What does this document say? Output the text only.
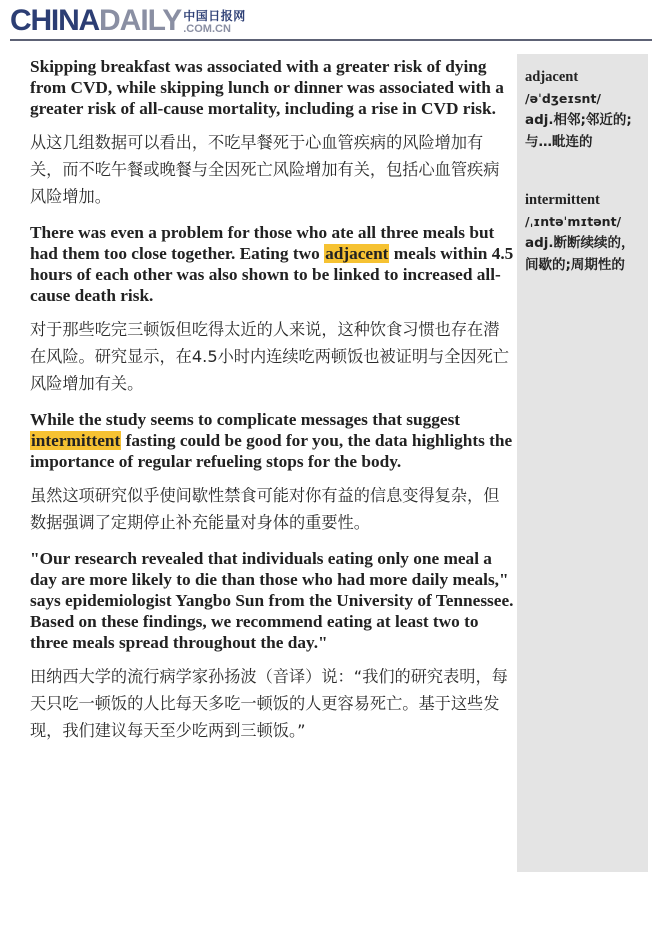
CHINA DAILY 中国日报网
.COM.CN

Skipping breakfast was associated with a greater risk of dying from CVD, while skipping lunch or dinner was associated with a greater risk of all-cause mortality, including a rise in CVD risk.

从这几组数据可以看出，不吃早餐死于心血管疾病的风险增加有关，而不吃午餐或晚餐与全因死亡风险增加有关，包括心血管疾病风险增加。

There was even a problem for those who ate all three meals but had them too close together. Eating two adjacent meals within 4.5 hours of each other was also shown to be linked to increased all-cause death risk.

对于那些吃完三顿饭但吃得太近的人来说，这种饮食习惯也存在潜在风险。研究显示，在4.5小时内连续吃两顿饭也被证明与全因死亡风险增加有关。

While the study seems to complicate messages that suggest intermittent fasting could be good for you, the data highlights the importance of regular refueling stops for the body.

虽然这项研究似乎使间歇性禁食可能对你有益的信息变得复杂，但数据强调了定期停止补充能量对身体的重要性。

"Our research revealed that individuals eating only one meal a day are more likely to die than those who had more daily meals," says epidemiologist Yangbo Sun from the University of Tennessee. Based on these findings, we recommend eating at least two to three meals spread throughout the day."

田纳西大学的流行病学家孙扬波（音译）说：“我们的研究表明，每天只吃一顿饭的人比每天多吃一顿饭的人更容易死亡。基于这些发现，我们建议每天至少吃两到三顿饭。”

adjacent
/əˈdʒeɪsnt/
adj.相邻;邻近的;与…毗连的
intermittent
/ˌɪntəˈmɪtənt/
adj.断断续续的，间歇的;周期性的
